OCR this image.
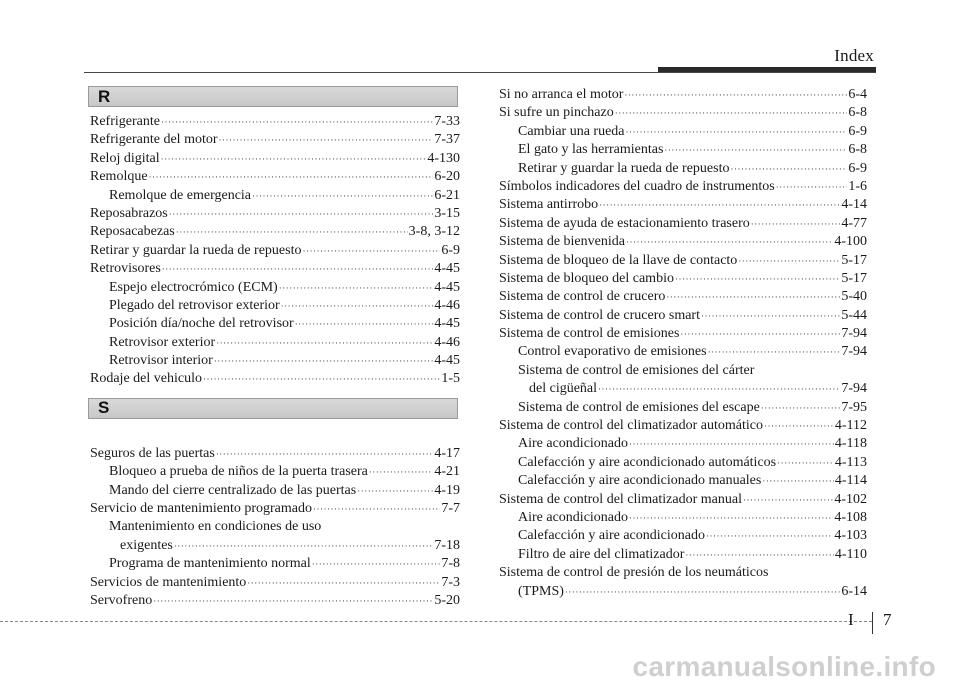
Index
R
Refrigerante ·····	7-33
Refrigerante del motor ·····	7-37
Reloj digital ·····	4-130
Remolque ·····	6-20
Remolque de emergencia ·····	6-21
Reposabrazos ·····	3-15
Reposacabezas ·····	3-8, 3-12
Retirar y guardar la rueda de repuesto ·····	6-9
Retrovisores ·····	4-45
Espejo electrocrómico (ECM) ·····	4-45
Plegado del retrovisor exterior ·····	4-46
Posición día/noche del retrovisor ·····	4-45
Retrovisor exterior ·····	4-46
Retrovisor interior ·····	4-45
Rodaje del vehiculo ·····	1-5
S
Seguros de las puertas ·····	4-17
Bloqueo a prueba de niños de la puerta trasera ·····	4-21
Mando del cierre centralizado de las puertas ·····	4-19
Servicio de mantenimiento programado ·····	7-7
Mantenimiento en condiciones de uso
exigentes ·····	7-18
Programa de mantenimiento normal ·····	7-8
Servicios de mantenimiento ·····	7-3
Servofreno ·····	5-20
Si no arranca el motor ·····	6-4
Si sufre un pinchazo ·····	6-8
Cambiar una rueda ·····	6-9
El gato y las herramientas ·····	6-8
Retirar y guardar la rueda de repuesto ·····	6-9
Símbolos indicadores del cuadro de instrumentos ·····	1-6
Sistema antirrobo ·····	4-14
Sistema de ayuda de estacionamiento trasero ·····	4-77
Sistema de bienvenida ·····	4-100
Sistema de bloqueo de la llave de contacto ·····	5-17
Sistema de bloqueo del cambio ·····	5-17
Sistema de control de crucero ·····	5-40
Sistema de control de crucero smart ·····	5-44
Sistema de control de emisiones ·····	7-94
Control evaporativo de emisiones ·····	7-94
Sistema de control de emisiones del cárter
del cigüeñal ·····	7-94
Sistema de control de emisiones del escape ·····	7-95
Sistema de control del climatizador automático ·····	4-112
Aire acondicionado ·····	4-118
Calefacción y aire acondicionado automáticos ·····	4-113
Calefacción y aire acondicionado manuales ·····	4-114
Sistema de control del climatizador manual ·····	4-102
Aire acondicionado ·····	4-108
Calefacción y aire acondicionado ·····	4-103
Filtro de aire del climatizador ·····	4-110
Sistema de control de presión de los neumáticos
(TPMS) ·····	6-14
I 7
carmanualsonline.info
